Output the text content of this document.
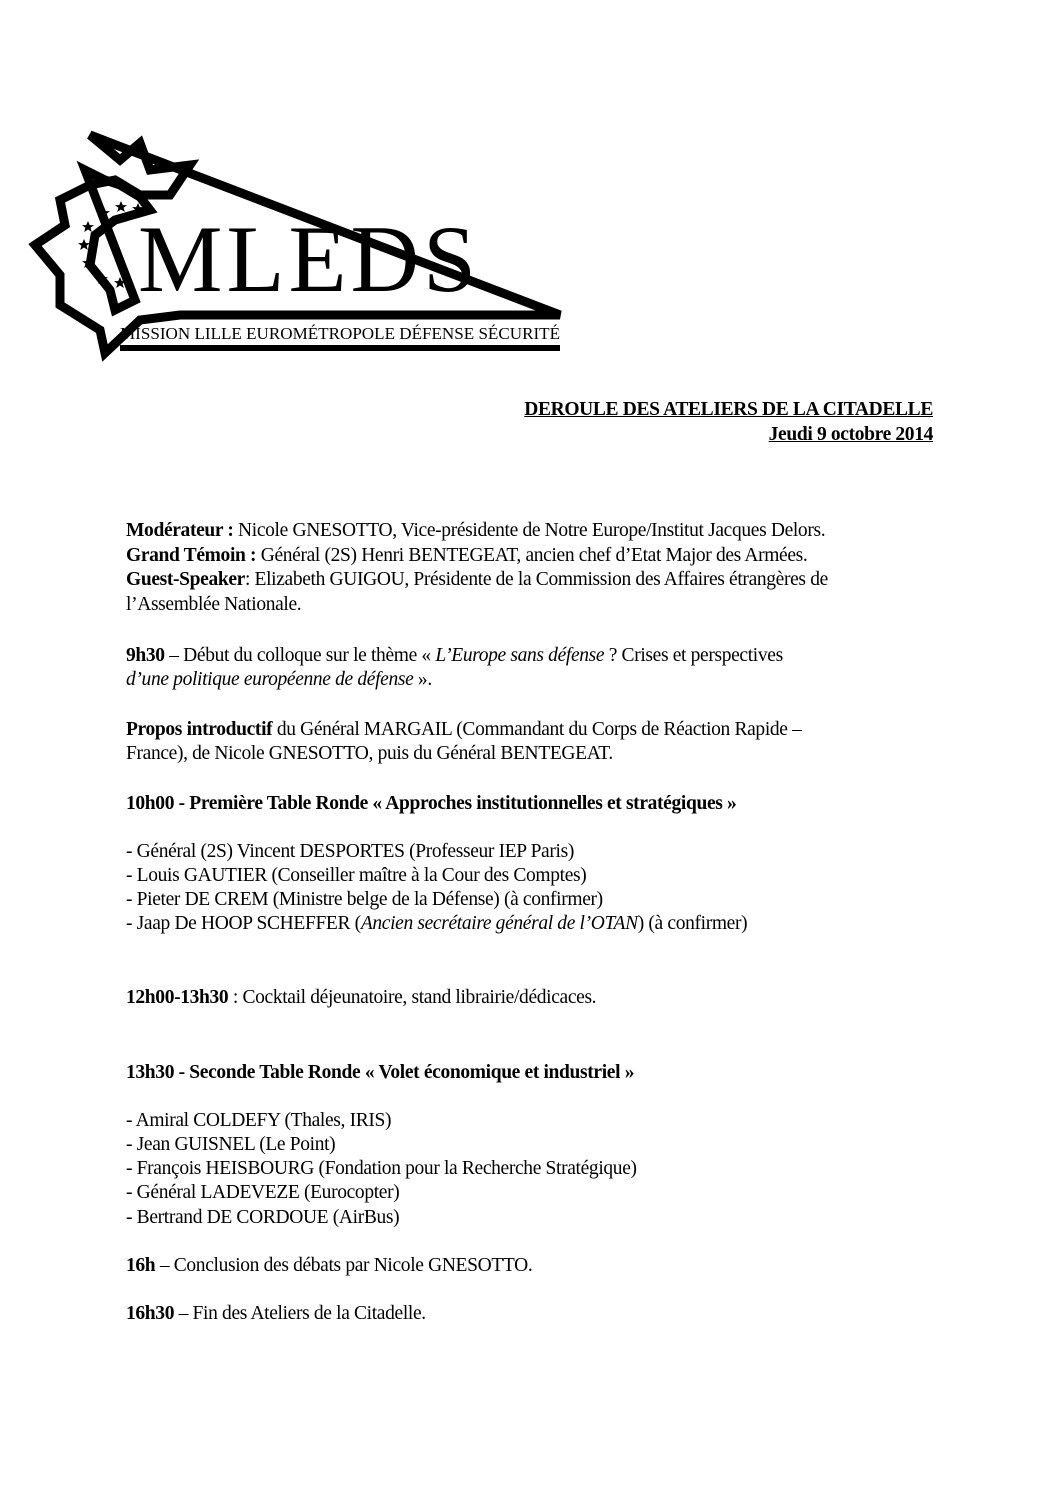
MLEDS
MISSION LILLE EUROMÉTROPOLE DÉFENSE SÉCURITÉ
DEROULE DES ATELIERS DE LA CITADELLE
Jeudi 9 octobre 2014
Modérateur : Nicole GNESOTTO, Vice-présidente de Notre Europe/Institut Jacques Delors.
Grand Témoin : Général (2S) Henri BENTEGEAT, ancien chef d’Etat Major des Armées.
Guest-Speaker: Elizabeth GUIGOU, Présidente de la Commission des Affaires étrangères de
l’Assemblée Nationale.
9h30 – Début du colloque sur le thème « L’Europe sans défense ? Crises et perspectives
d’une politique européenne de défense ».
Propos introductif du Général MARGAIL (Commandant du Corps de Réaction Rapide –
France), de Nicole GNESOTTO, puis du Général BENTEGEAT.
10h00 - Première Table Ronde « Approches institutionnelles et stratégiques »
- Général (2S) Vincent DESPORTES (Professeur IEP Paris)
- Louis GAUTIER (Conseiller maître à la Cour des Comptes)
- Pieter DE CREM (Ministre belge de la Défense) (à confirmer)
- Jaap De HOOP SCHEFFER (Ancien secrétaire général de l’OTAN) (à confirmer)
12h00-13h30 : Cocktail déjeunatoire, stand librairie/dédicaces.
13h30 - Seconde Table Ronde « Volet économique et industriel »
- Amiral COLDEFY (Thales, IRIS)
- Jean GUISNEL (Le Point)
- François HEISBOURG (Fondation pour la Recherche Stratégique)
- Général LADEVEZE (Eurocopter)
- Bertrand DE CORDOUE (AirBus)
16h – Conclusion des débats par Nicole GNESOTTO.
16h30 – Fin des Ateliers de la Citadelle.
